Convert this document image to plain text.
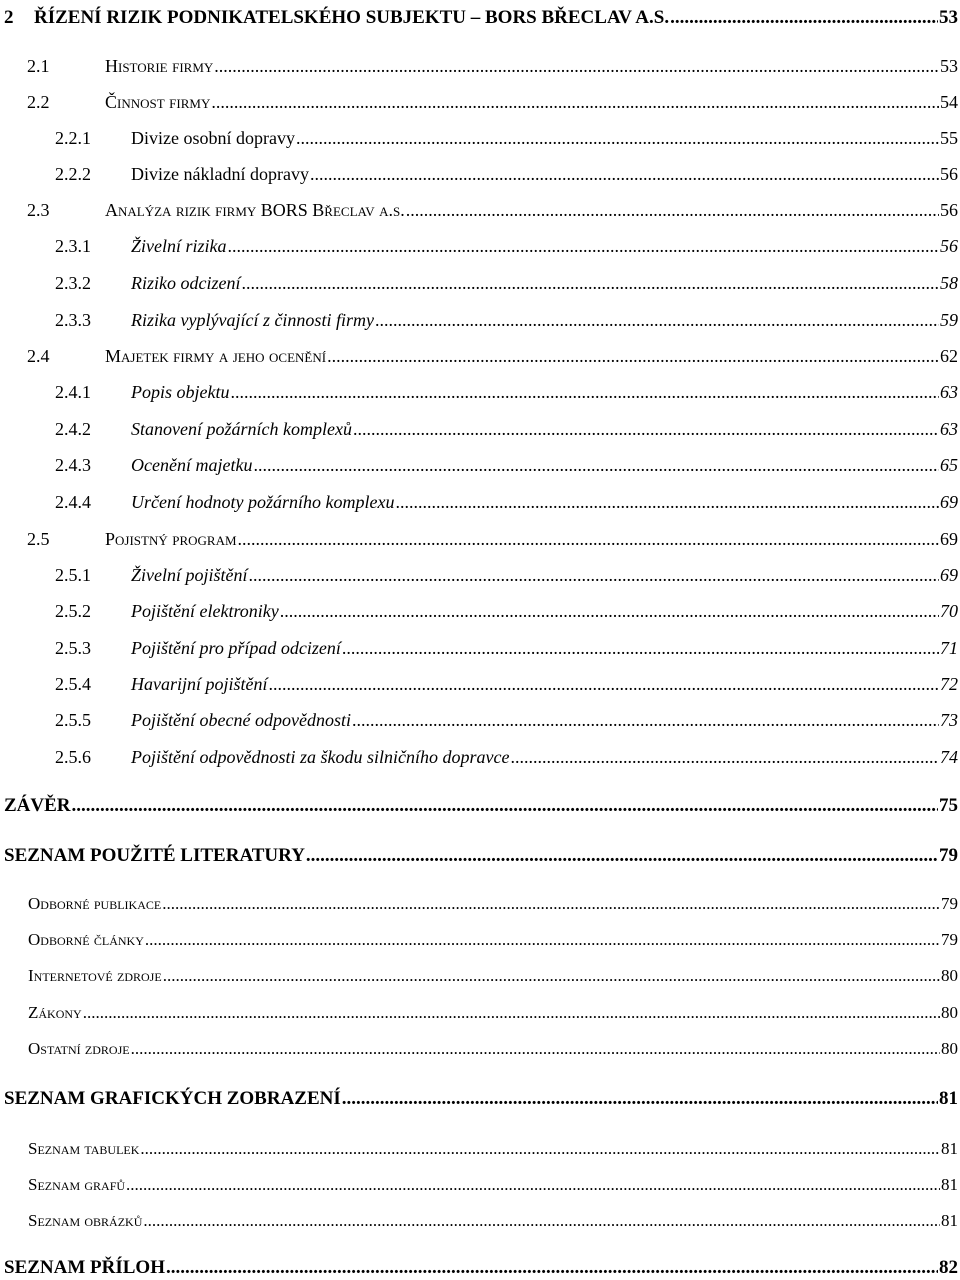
2	ŘÍZENÍ RIZIK PODNIKATELSKÉHO SUBJEKTU – BORS BŘECLAV A.S. .....	53
2.1	Historie firmy .....	53
2.2	Činnost firmy .....	54
2.2.1	Divize osobní dopravy .....	55
2.2.2	Divize nákladní dopravy .....	56
2.3	Analýza rizik firmy BORS Břeclav a.s. .....	56
2.3.1	Živelní rizika .....	56
2.3.2	Riziko odcizení .....	58
2.3.3	Rizika vyplývající z činnosti firmy .....	59
2.4	Majetek firmy a jeho ocenění .....	62
2.4.1	Popis objektu .....	63
2.4.2	Stanovení požárních komplexů .....	63
2.4.3	Ocenění majetku .....	65
2.4.4	Určení hodnoty požárního komplexu .....	69
2.5	Pojistný program .....	69
2.5.1	Živelní pojištění .....	69
2.5.2	Pojištění elektroniky .....	70
2.5.3	Pojištění pro případ odcizení .....	71
2.5.4	Havarijní pojištění .....	72
2.5.5	Pojištění obecné odpovědnosti .....	73
2.5.6	Pojištění odpovědnosti za škodu silničního dopravce .....	74
ZÁVĚR .....	75
SEZNAM POUŽITÉ LITERATURY .....	79
Odborné publikace .....	79
Odborné články .....	79
Internetové zdroje .....	80
Zákony .....	80
Ostatní zdroje .....	80
SEZNAM GRAFICKÝCH ZOBRAZENÍ .....	81
Seznam tabulek .....	81
Seznam grafů .....	81
Seznam obrázků .....	81
SEZNAM PŘÍLOH .....	82
